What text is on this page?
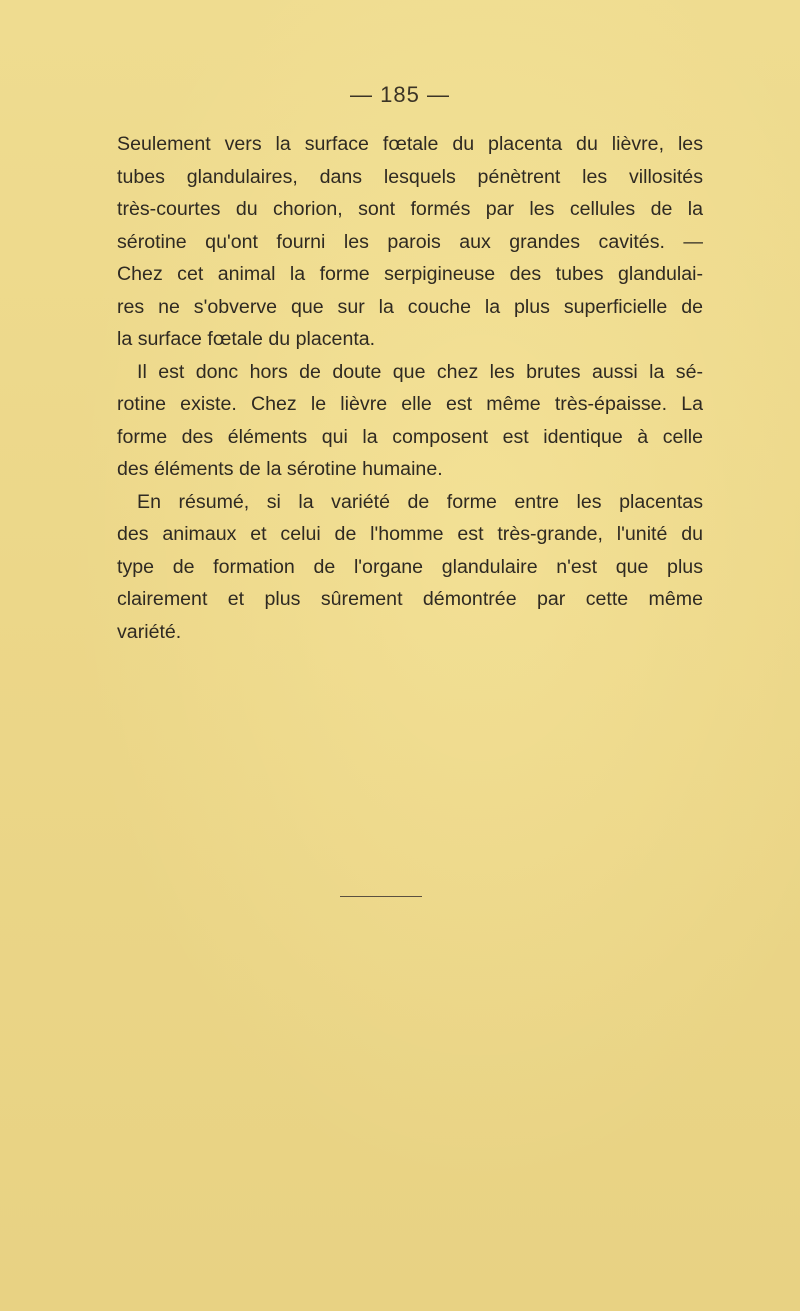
— 185 —
Seulement vers la surface fœtale du placenta du lièvre, les
tubes glandulaires, dans lesquels pénètrent les villosités
très-courtes du chorion, sont formés par les cellules de la
sérotine qu'ont fourni les parois aux grandes cavités. —
Chez cet animal la forme serpigineuse des tubes glandulai-
res ne s'obverve que sur la couche la plus superficielle de
la surface fœtale du placenta.
Il est donc hors de doute que chez les brutes aussi la sé-
rotine existe. Chez le lièvre elle est même très-épaisse. La
forme des éléments qui la composent est identique à celle
des éléments de la sérotine humaine.
En résumé, si la variété de forme entre les placentas
des animaux et celui de l'homme est très-grande, l'unité du
type de formation de l'organe glandulaire n'est que plus
clairement et plus sûrement démontrée par cette même
variété.
